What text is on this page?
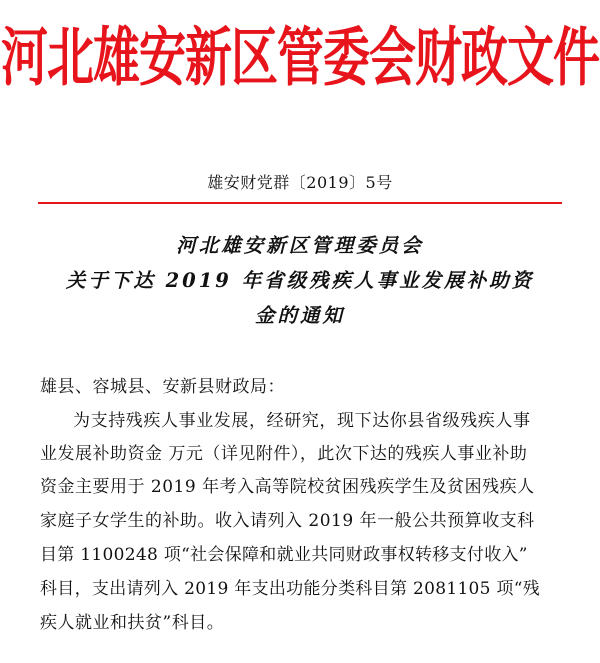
河北雄安新区管委会财政文件
雄安财党群〔2019〕5号
河北雄安新区管理委员会
关于下达 2019 年省级残疾人事业发展补助资
金的通知
雄县、容城县、安新县财政局：
为支持残疾人事业发展，经研究，现下达你县省级残疾人事
业发展补助资金 万元（详见附件），此次下达的残疾人事业补助
资金主要用于 2019 年考入高等院校贫困残疾学生及贫困残疾人
家庭子女学生的补助。收入请列入 2019 年一般公共预算收支科
目第 1100248 项“社会保障和就业共同财政事权转移支付收入”
科目，支出请列入 2019 年支出功能分类科目第 2081105 项“残
疾人就业和扶贫”科目。
